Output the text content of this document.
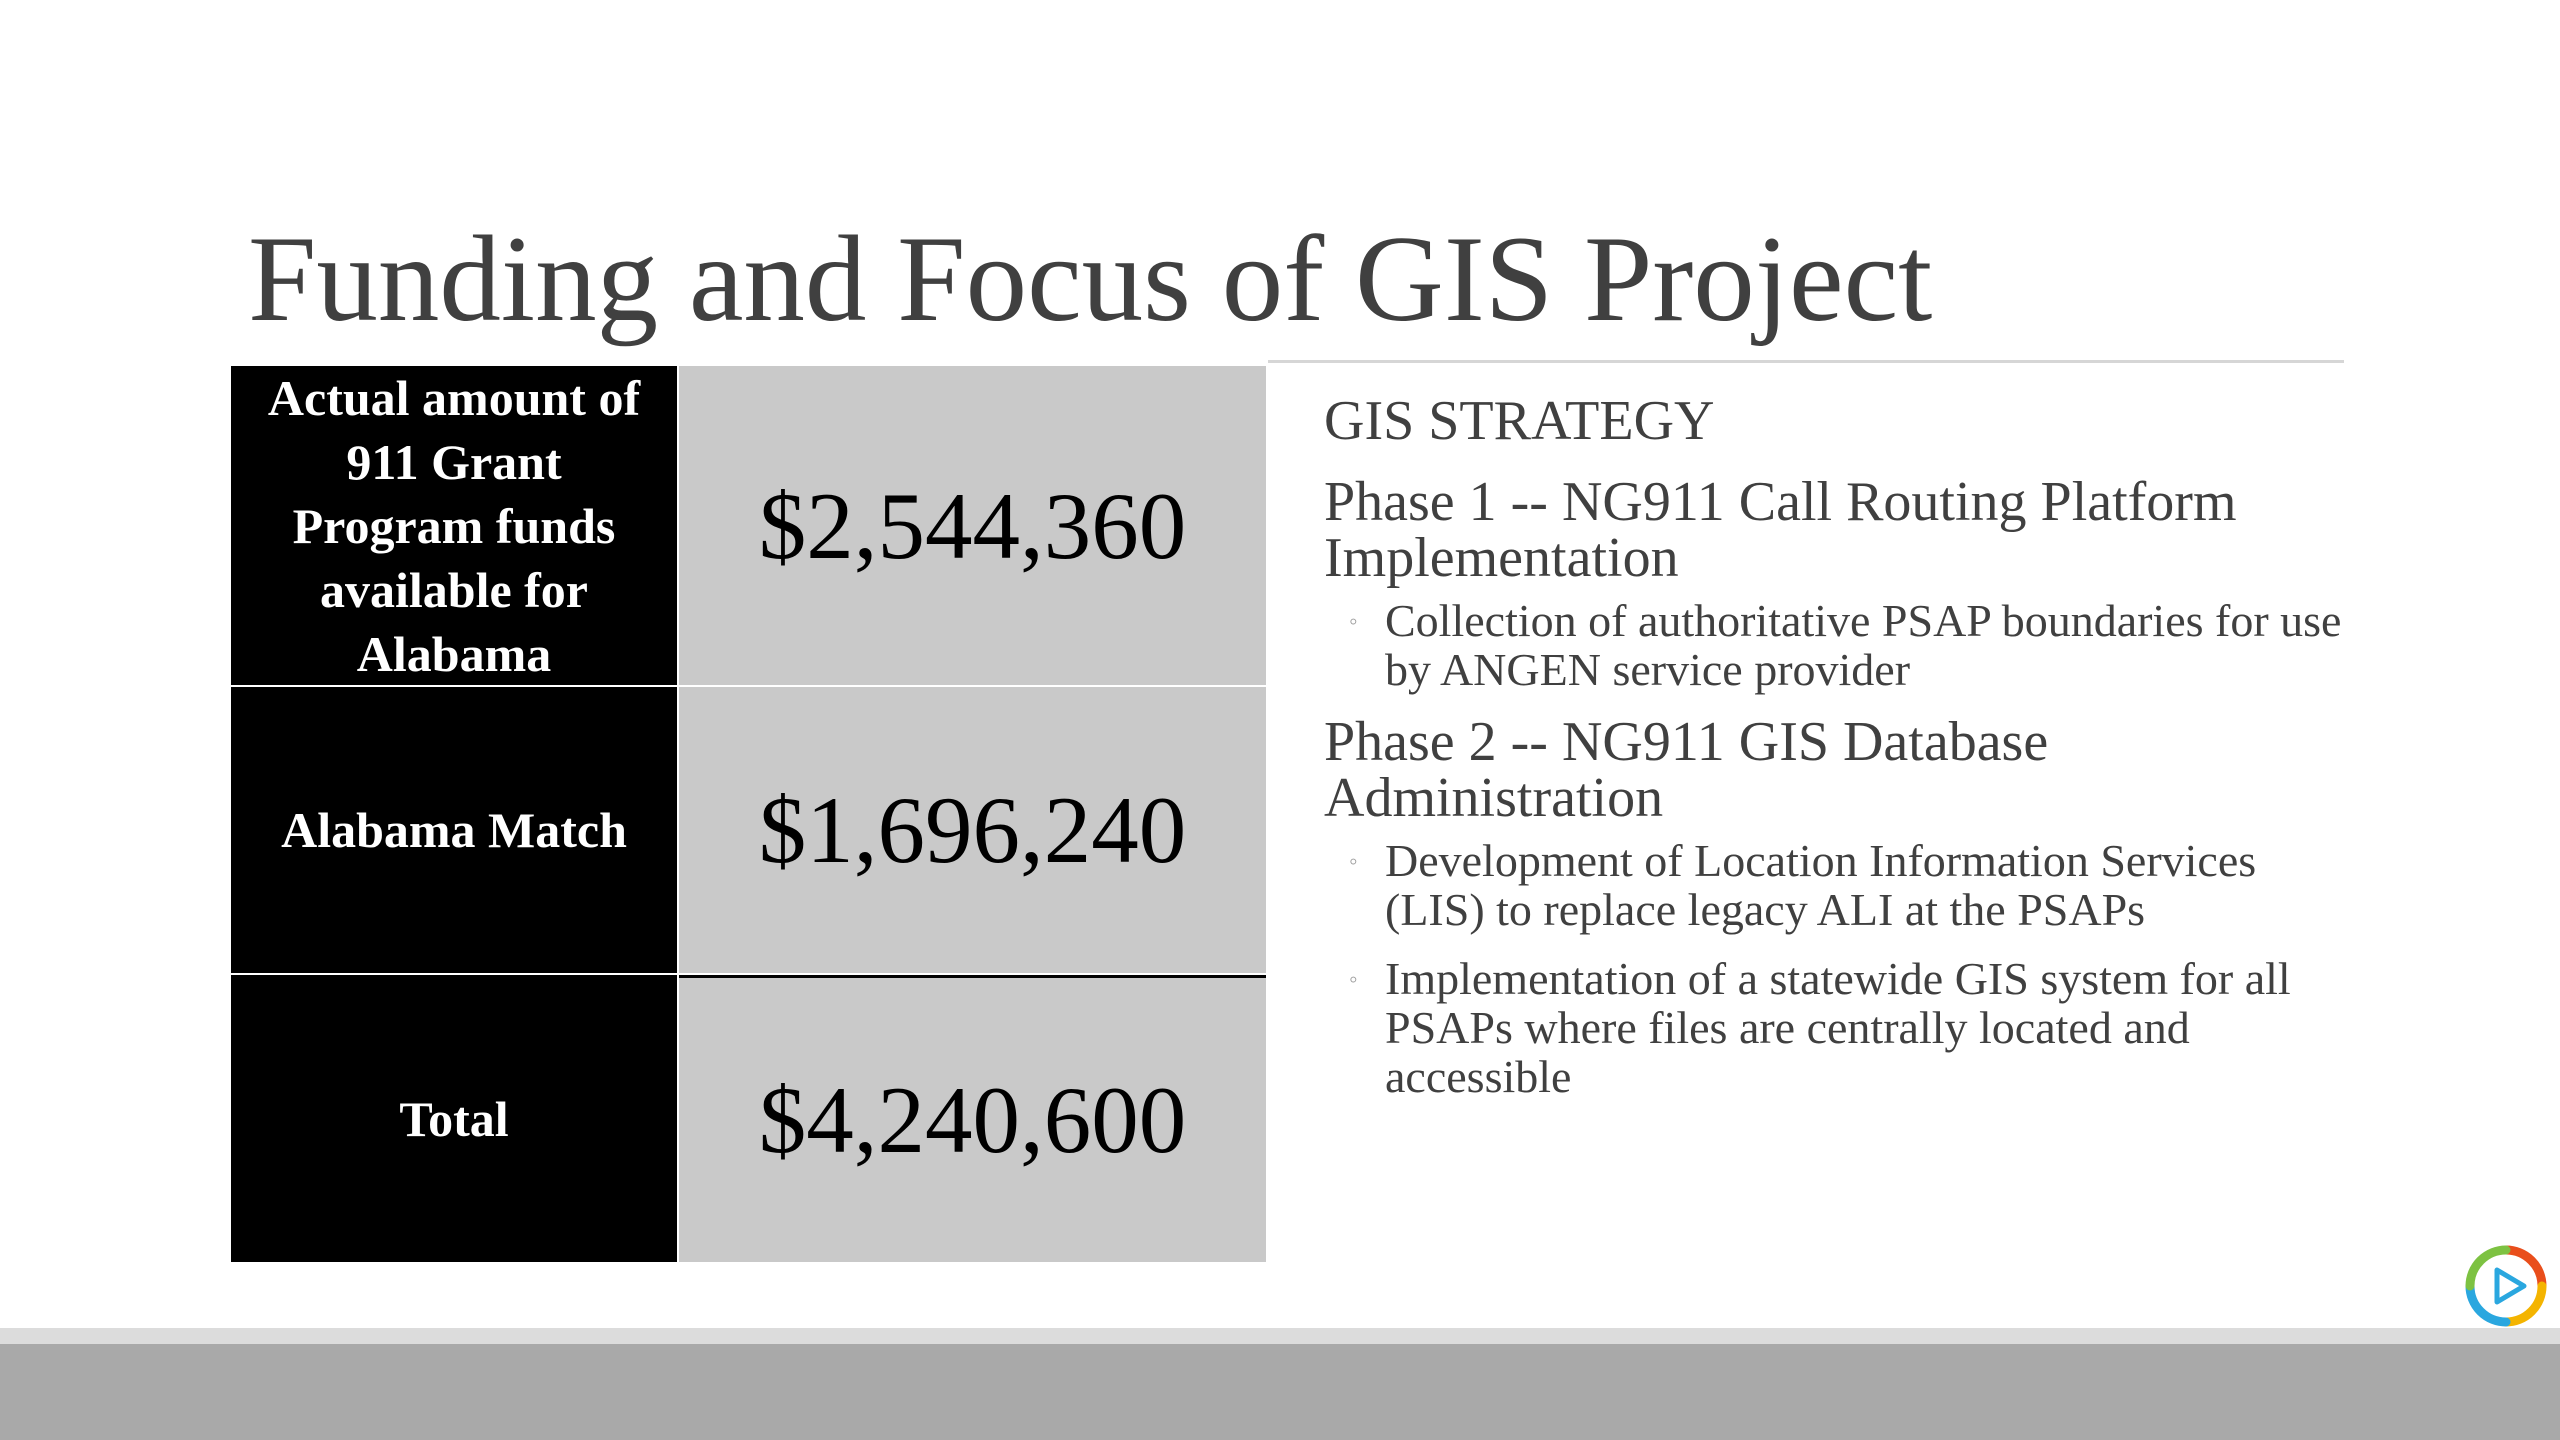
Funding and Focus of GIS Project
Actual amount of 911 Grant Program funds available for Alabama
$2,544,360
Alabama Match	$1,696,240
Total	$4,240,600
GIS STRATEGY
Phase 1 -- NG911 Call Routing Platform Implementation
◦ Collection of authoritative PSAP boundaries for use by ANGEN service provider
Phase 2 -- NG911 GIS Database Administration
◦ Development of Location Information Services (LIS) to replace legacy ALI at the PSAPs
◦ Implementation of a statewide GIS system for all PSAPs where files are centrally located and accessible
